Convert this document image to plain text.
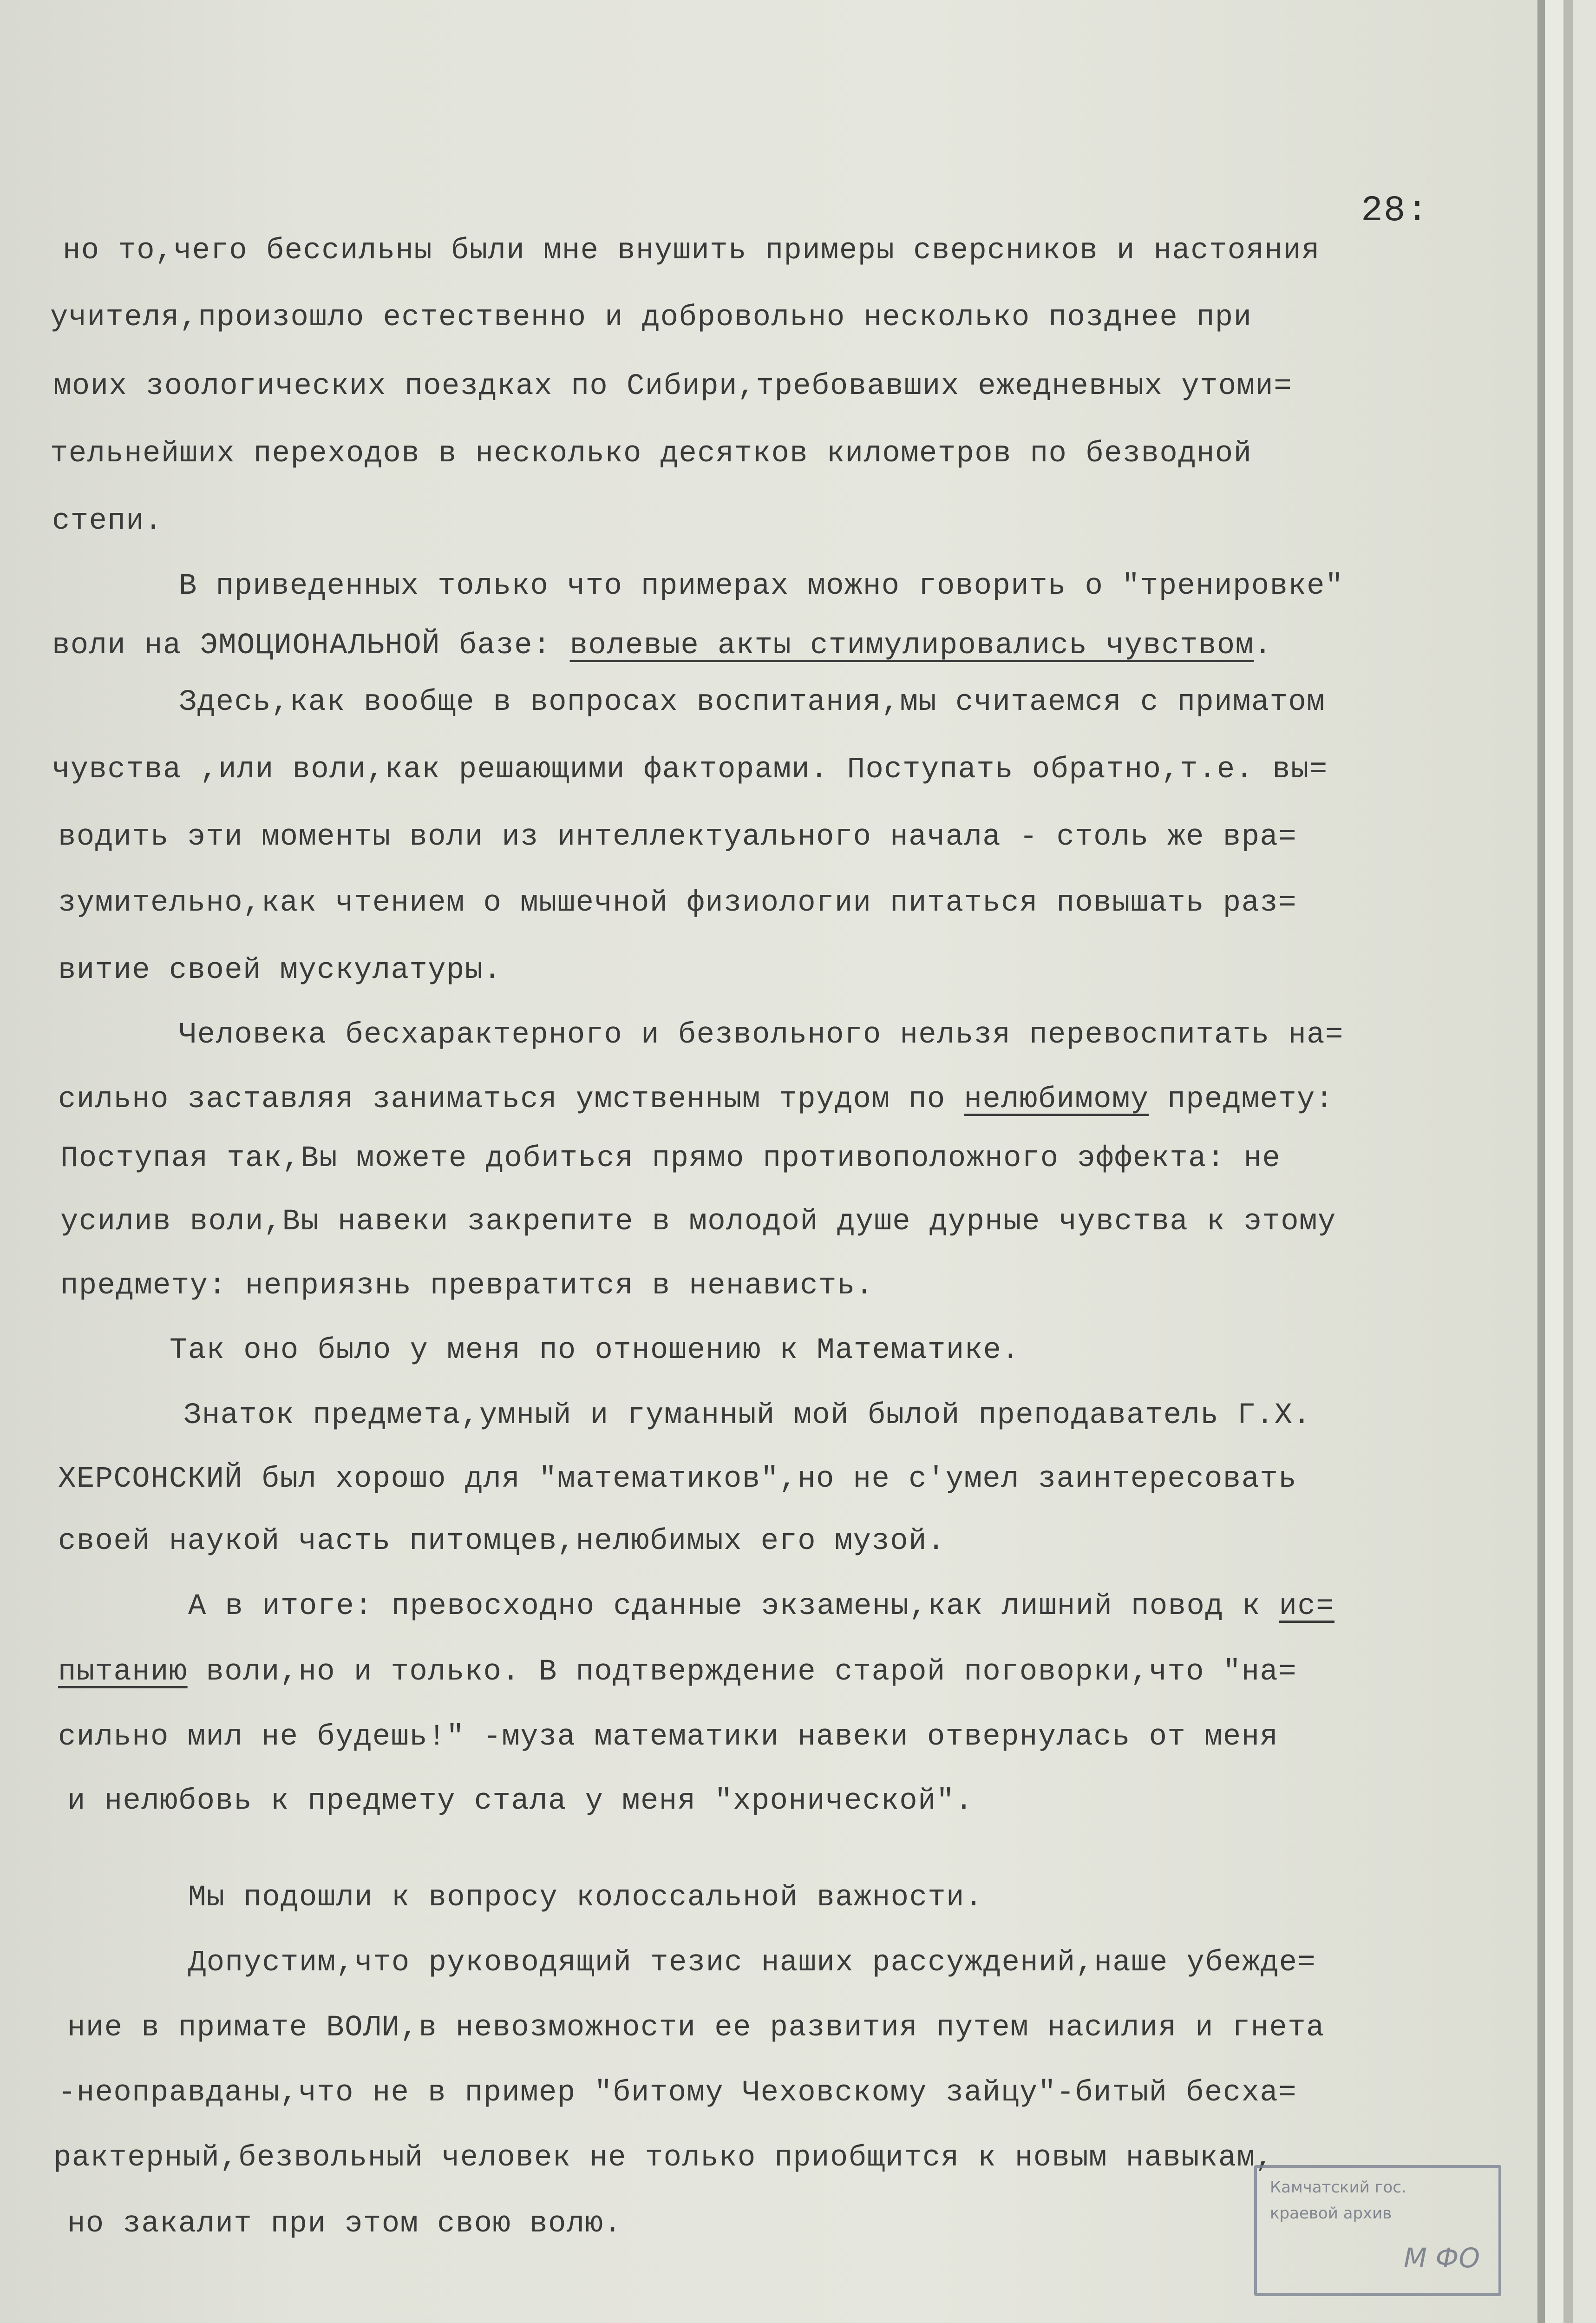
28:
но то,чего бессильны были мне внушить примеры сверсников и настояния
учителя,произошло естественно и добровольно несколько позднее при
моих зоологических поездках по Сибири,требовавших ежедневных утоми=
тельнейших переходов в несколько десятков километров по безводной
степи.
В приведенных только что примерах можно говорить о "тренировке"
воли на ЭМОЦИОНАЛЬНОЙ базе: волевые акты стимулировались чувством.
Здесь,как вообще в вопросах воспитания,мы считаемся с приматом
чувства ,или воли,как решающими факторами. Поступать обратно,т.е. вы=
водить эти моменты воли из интеллектуального начала - столь же вра=
зумительно,как чтением о мышечной физиологии питаться повышать раз=
витие своей мускулатуры.
Человека бесхарактерного и безвольного нельзя перевоспитать на=
сильно заставляя заниматься умственным трудом по нелюбимому предмету:
Поступая так,Вы можете добиться прямо противоположного эффекта: не
усилив воли,Вы навеки закрепите в молодой душе дурные чувства к этому
предмету: неприязнь превратится в ненависть.
Так оно было у меня по отношению к Математике.
Знаток предмета,умный и гуманный мой былой преподаватель Г.Х.
ХЕРСОНСКИЙ был хорошо для "математиков",но не с'умел заинтересовать
своей наукой часть питомцев,нелюбимых его музой.
А в итоге: превосходно сданные экзамены,как лишний повод к ис=
пытанию воли,но и только. В подтверждение старой поговорки,что "на=
сильно мил не будешь!" -муза математики навеки отвернулась от меня
и нелюбовь к предмету стала у меня "хронической".
Мы подошли к вопросу колоссальной важности.
Допустим,что руководящий тезис наших рассуждений,наше убежде=
ние в примате ВОЛИ,в невозможности ее развития путем насилия и гнета
-неоправданы,что не в пример "битому Чеховскому зайцу"-битый бесха=
рактерный,безвольный человек не только приобщится к новым навыкам,
но закалит при этом свою волю.
Камчатский гос.
краевой архив
М ФО
